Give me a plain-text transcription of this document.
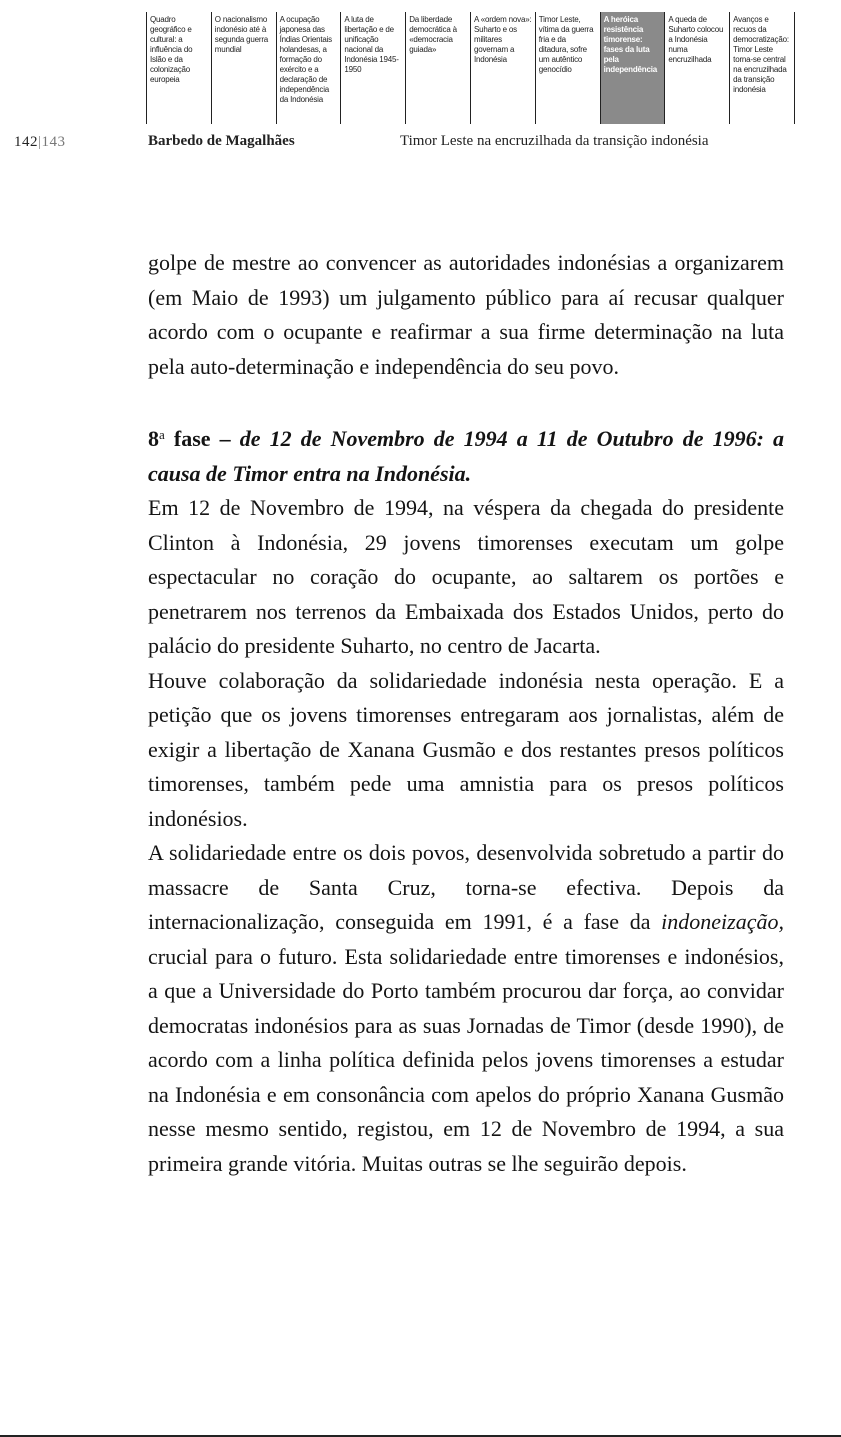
Quadro geográfico e cultural: a influência do Islão e da colonização europeia
O nacionalismo indonésio até à segunda guerra mundial
A ocupação japonesa das Índias Orientais holandesas, a formação do exército e a declaração de independência da Indonésia
A luta de libertação e de unificação nacional da Indonésia 1945-1950
Da liberdade democrática à «democracia guiada»
A «ordem nova»: Suharto e os militares governam a Indonésia
Timor Leste, vítima da guerra fria e da ditadura, sofre um autêntico genocídio
A heróica resistência timorense: fases da luta pela independência
A queda de Suharto colocou a Indonésia numa encruzilhada
Avanços e recuos da democratização: Timor Leste torna-se central na encruzilhada da transição indonésia
142|143	Barbedo de Magalhães	Timor Leste na encruzilhada da transição indonésia

golpe de mestre ao convencer as autoridades indonésias a organizarem (em Maio de 1993) um julgamento público para aí recusar qualquer acordo com o ocupante e reafirmar a sua firme determinação na luta pela auto-determinação e independência do seu povo.

8$^a$ fase – de 12 de Novembro de 1994 a 11 de Outubro de 1996: a causa de Timor entra na Indonésia.

Em 12 de Novembro de 1994, na véspera da chegada do presidente Clinton à Indonésia, 29 jovens timorenses executam um golpe espectacular no coração do ocupante, ao saltarem os portões e penetrarem nos terrenos da Embaixada dos Estados Unidos, perto do palácio do presidente Suharto, no centro de Jacarta.

Houve colaboração da solidariedade indonésia nesta operação. E a petição que os jovens timorenses entregaram aos jornalistas, além de exigir a libertação de Xanana Gusmão e dos restantes presos políticos timorenses, também pede uma amnistia para os presos políticos indonésios.

A solidariedade entre os dois povos, desenvolvida sobretudo a partir do massacre de Santa Cruz, torna-se efectiva. Depois da internacionalização, conseguida em 1991, é a fase da indoneização, crucial para o futuro. Esta solidariedade entre timorenses e indonésios, a que a Universidade do Porto também procurou dar força, ao convidar democratas indonésios para as suas Jornadas de Timor (desde 1990), de acordo com a linha política definida pelos jovens timorenses a estudar na Indonésia e em consonância com apelos do próprio Xanana Gusmão nesse mesmo sentido, registou, em 12 de Novembro de 1994, a sua primeira grande vitória. Muitas outras se lhe seguirão depois.
